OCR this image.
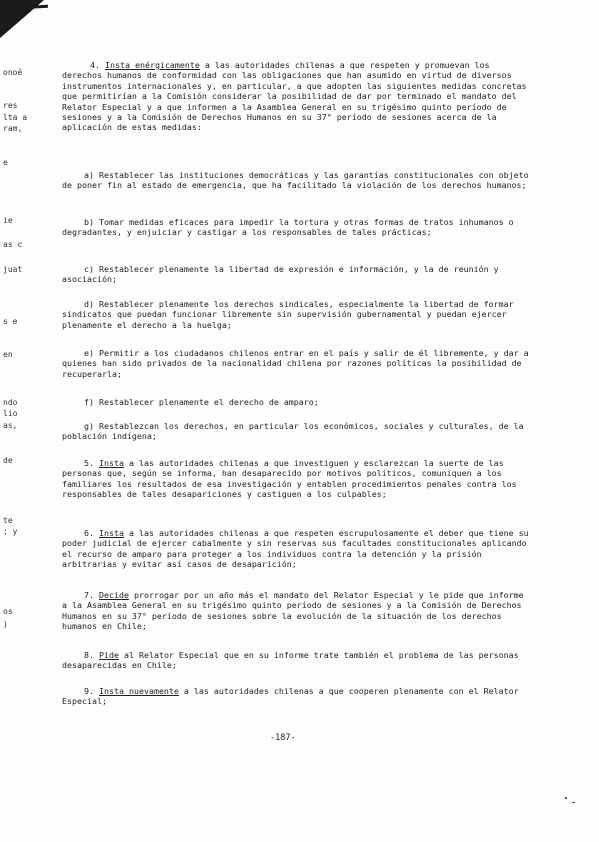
onoé
res
lta a
ram,
e
ie
as c
juat
s e
en
ndo
lio
as,
de
te
; y
os
)

4. Insta enérgicamente a las autoridades chilenas a que respeten y promuevan los derechos humanos de conformidad con las obligaciones que han asumido en virtud de diversos instrumentos internacionales y, en particular, a que adopten las siguientes medidas concretas que permitirían a la Comisión considerar la posibilidad de dar por terminado el mandato del Relator Especial y a que informen a la Asamblea General en su trigésimo quinto período de sesiones y a la Comisión de Derechos Humanos en su 37° período de sesiones acerca de la aplicación de estas medidas:

a) Restablecer las instituciones democráticas y las garantías constitucionales con objeto de poner fin al estado de emergencia, que ha facilitado la violación de los derechos humanos;

b) Tomar medidas eficaces para impedir la tortura y otras formas de tratos inhumanos o degradantes, y enjuiciar y castigar a los responsables de tales prácticas;

c) Restablecer plenamente la libertad de expresión e información, y la de reunión y asociación;

d) Restablecer plenamente los derechos sindicales, especialmente la libertad de formar sindicatos que puedan funcionar libremente sin supervisión gubernamental y puedan ejercer plenamente el derecho a la huelga;

e) Permitir a los ciudadanos chilenos entrar en el país y salir de él libremente, y dar a quienes han sido privados de la nacionalidad chilena por razones políticas la posibilidad de recuperarla;

f) Restablecer plenamente el derecho de amparo;

g) Restablezcan los derechos, en particular los económicos, sociales y culturales, de la población indígena;

5. Insta a las autoridades chilenas a que investiguen y esclarezcan la suerte de las personas que, según se informa, han desaparecido por motivos políticos, comuniquen a los familiares los resultados de esa investigación y entablen procedimientos penales contra los responsables de tales desapariciones y castiguen a los culpables;

6. Insta a las autoridades chilenas a que respeten escrupulosamente el deber que tiene su poder judicial de ejercer cabalmente y sin reservas sus facultades constitucionales aplicando el recurso de amparo para proteger a los individuos contra la detención y la prisión arbitrarias y evitar así casos de desaparición;

7. Decide prorrogar por un año más el mandato del Relator Especial y le pide que informe a la Asamblea General en su trigésimo quinto período de sesiones y a la Comisión de Derechos Humanos en su 37° período de sesiones sobre la evolución de la situación de los derechos humanos en Chile;

8. Pide al Relator Especial que en su informe trate también el problema de las personas desaparecidas en Chile;

9. Insta nuevamente a las autoridades chilenas a que cooperen plenamente con el Relator Especial;

-187-
